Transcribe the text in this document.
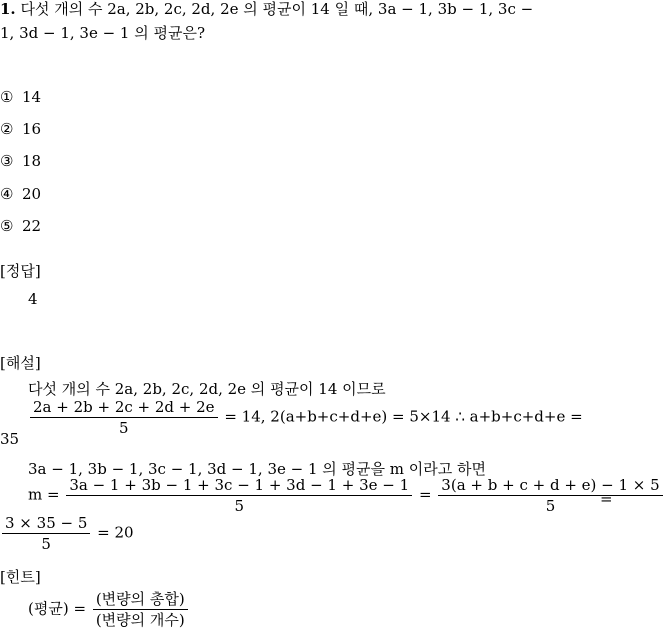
1. 다섯 개의 수 2a, 2b, 2c, 2d, 2e 의 평균이 14 일 때, 3a − 1, 3b − 1, 3c −
1, 3d − 1, 3e − 1 의 평균은?
① 14
② 16
③ 18
④ 20
⑤ 22
[정답]
4
[해설]
다섯 개의 수 2a, 2b, 2c, 2d, 2e 의 평균이 14 이므로
$\frac{2a + 2b + 2c + 2d + 2e}{5} = 14$, 2(a+b+c+d+e) = 5×14 ∴ a+b+c+d+e =
35
3a − 1, 3b − 1, 3c − 1, 3d − 1, 3e − 1 의 평균을 m 이라고 하면
$m = \frac{3a - 1 + 3b - 1 + 3c - 1 + 3d - 1 + 3e - 1}{5} = \frac{3(a + b + c + d + e) - 1 \times 5}{5}$
=
$\frac{3 \times 35 - 5}{5} = 20$
[힌트]
(평균) = $\frac{\text{(변량의 총합)}}{\text{(변량의 개수)}}$
